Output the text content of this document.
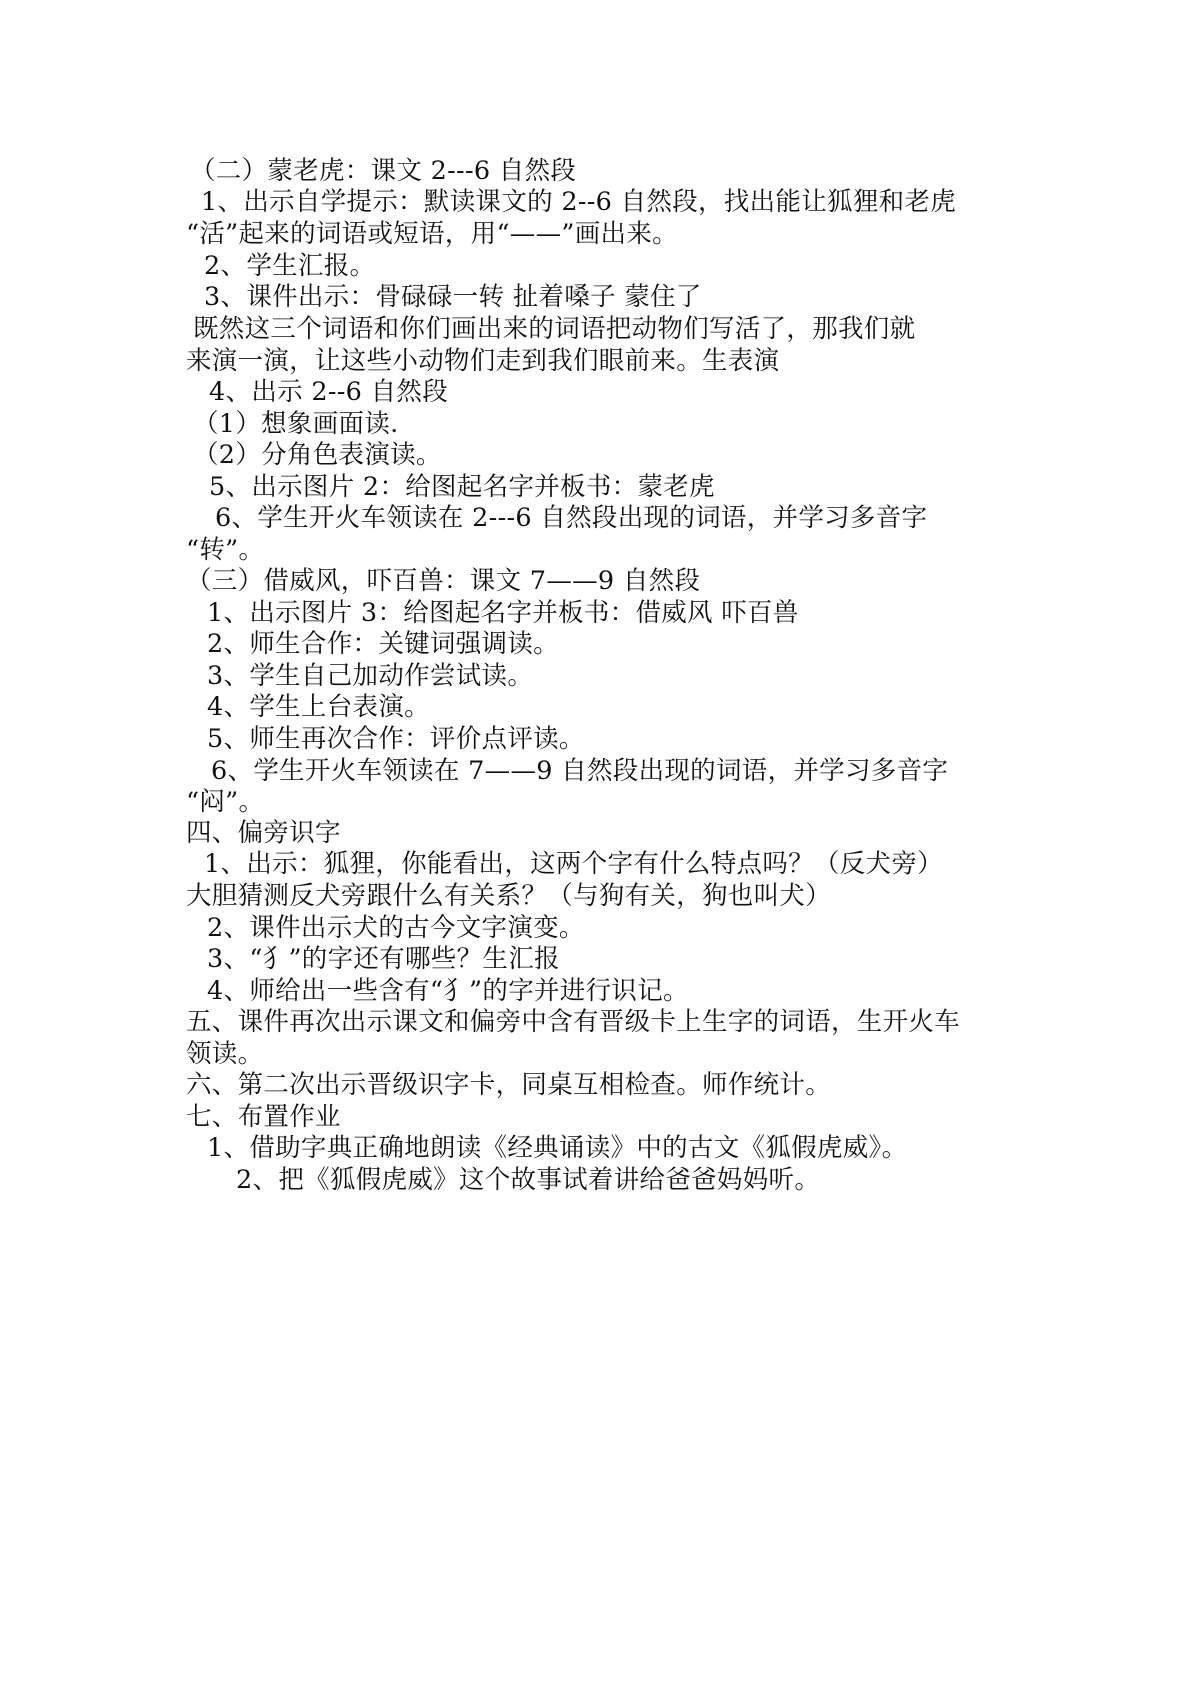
（二）蒙老虎：课文 2---6 自然段
1、出示自学提示：默读课文的 2--6 自然段，找出能让狐狸和老虎
“活”起来的词语或短语，用“——”画出来。
2、学生汇报。
3、课件出示：骨碌碌一转 扯着嗓子 蒙住了
既然这三个词语和你们画出来的词语把动物们写活了，那我们就
来演一演，让这些小动物们走到我们眼前来。生表演
4、出示 2--6 自然段
（1）想象画面读.
（2）分角色表演读。
5、出示图片 2：给图起名字并板书：蒙老虎
6、学生开火车领读在 2---6 自然段出现的词语，并学习多音字
“转”。
（三）借威风，吓百兽：课文 7——9 自然段
1、出示图片 3：给图起名字并板书：借威风 吓百兽
2、师生合作：关键词强调读。
3、学生自己加动作尝试读。
4、学生上台表演。
5、师生再次合作：评价点评读。
6、学生开火车领读在 7——9 自然段出现的词语，并学习多音字
“闷”。
四、偏旁识字
1、出示：狐狸，你能看出，这两个字有什么特点吗？（反犬旁）
大胆猜测反犬旁跟什么有关系？（与狗有关，狗也叫犬）
2、课件出示犬的古今文字演变。
3、“犭”的字还有哪些？生汇报
4、师给出一些含有“犭”的字并进行识记。
五、课件再次出示课文和偏旁中含有晋级卡上生字的词语，生开火车
领读。
六、第二次出示晋级识字卡，同桌互相检查。师作统计。
七、布置作业
1、借助字典正确地朗读《经典诵读》中的古文《狐假虎威》。
2、把《狐假虎威》这个故事试着讲给爸爸妈妈听。
